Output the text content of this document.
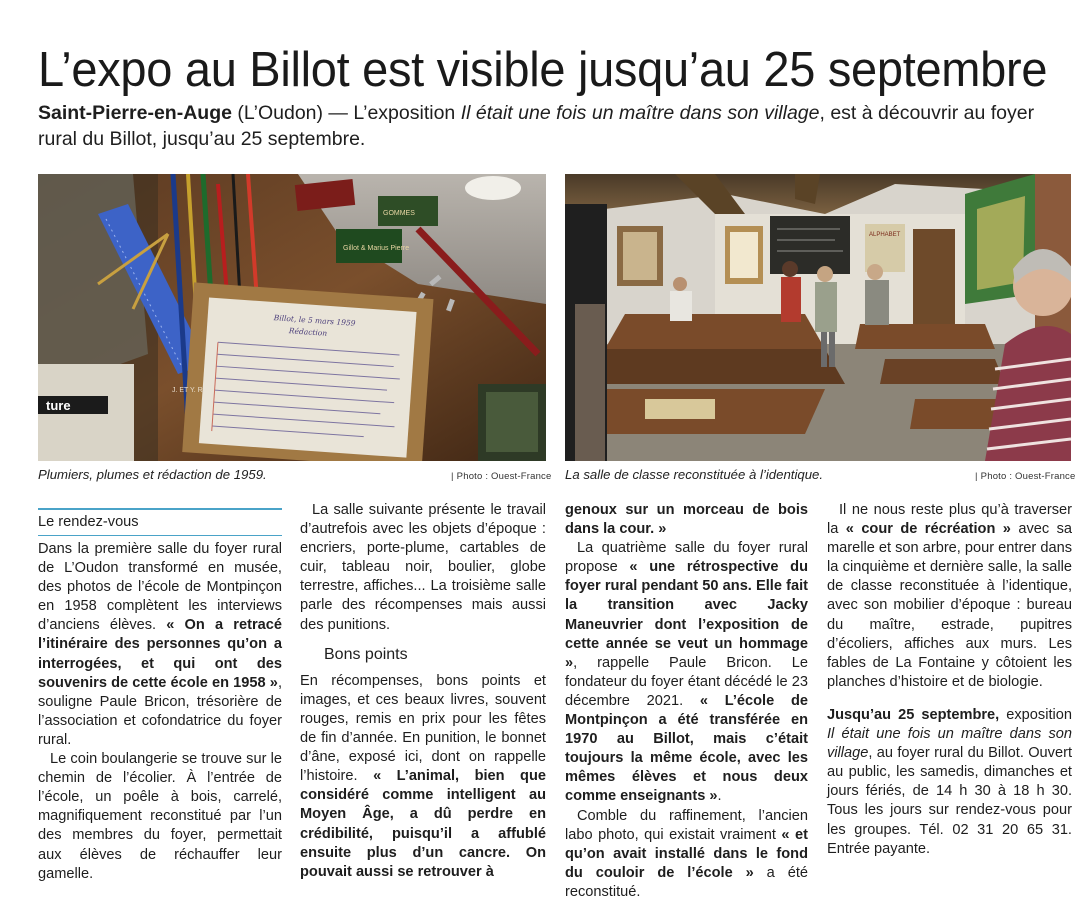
L’expo au Billot est visible jusqu’au 25 septembre
Saint-Pierre-en-Auge (L’Oudon) — L’exposition Il était une fois un maître dans son village, est à découvrir au foyer rural du Billot, jusqu’au 25 septembre.
Gillot & Marius Pierre
GOMMES
Billot, le 5 mars 1959
Rédaction
ture
J. ET Y. R.
ALPHABET
Plumiers, plumes et rédaction de 1959.	| Photo : Ouest-France La salle de classe reconstituée à l’identique.	| Photo : Ouest-France
Le rendez-vous

Dans la première salle du foyer rural de L’Oudon transformé en musée, des photos de l’école de Montpinçon en 1958 complètent les interviews d’anciens élèves. « On a retracé l’itinéraire des personnes qu’on a interrogées, et qui ont des souvenirs de cette école en 1958 », souligne Paule Bricon, trésorière de l’association et cofondatrice du foyer rural.

Le coin boulangerie se trouve sur le chemin de l’écolier. À l’entrée de l’école, un poêle à bois, carrelé, magnifiquement reconstitué par l’un des membres du foyer, permettait aux élèves de réchauffer leur gamelle.

La salle suivante présente le travail d’autrefois avec les objets d’époque : encriers, porte-plume, cartables de cuir, tableau noir, boulier, globe terrestre, affiches... La troisième salle parle des récompenses mais aussi des punitions.

Bons points

En récompenses, bons points et images, et ces beaux livres, souvent rouges, remis en prix pour les fêtes de fin d’année. En punition, le bonnet d’âne, exposé ici, dont on rappelle l’histoire. « L’animal, bien que considéré comme intelligent au Moyen Âge, a dû perdre en crédibilité, puisqu’il a affublé ensuite plus d’un cancre. On pouvait aussi se retrouver à

genoux sur un morceau de bois dans la cour. »

La quatrième salle du foyer rural propose « une rétrospective du foyer rural pendant 50 ans. Elle fait la transition avec Jacky Maneuvrier dont l’exposition de cette année se veut un hommage », rappelle Paule Bricon. Le fondateur du foyer étant décédé le 23 décembre 2021. « L’école de Montpinçon a été transférée en 1970 au Billot, mais c’était toujours la même école, avec les mêmes élèves et nous deux comme enseignants ».

Comble du raffinement, l’ancien labo photo, qui existait vraiment « et qu’on avait installé dans le fond du couloir de l’école » a été reconstitué.

Il ne nous reste plus qu’à traverser la « cour de récréation » avec sa marelle et son arbre, pour entrer dans la cinquième et dernière salle, la salle de classe reconstituée à l’identique, avec son mobilier d’époque : bureau du maître, estrade, pupitres d’écoliers, affiches aux murs. Les fables de La Fontaine y côtoient les planches d’histoire et de biologie.

Jusqu’au 25 septembre, exposition Il était une fois un maître dans son village, au foyer rural du Billot. Ouvert au public, les samedis, dimanches et jours fériés, de 14 h 30 à 18 h 30. Tous les jours sur rendez-vous pour les groupes. Tél. 02 31 20 65 31. Entrée payante.
